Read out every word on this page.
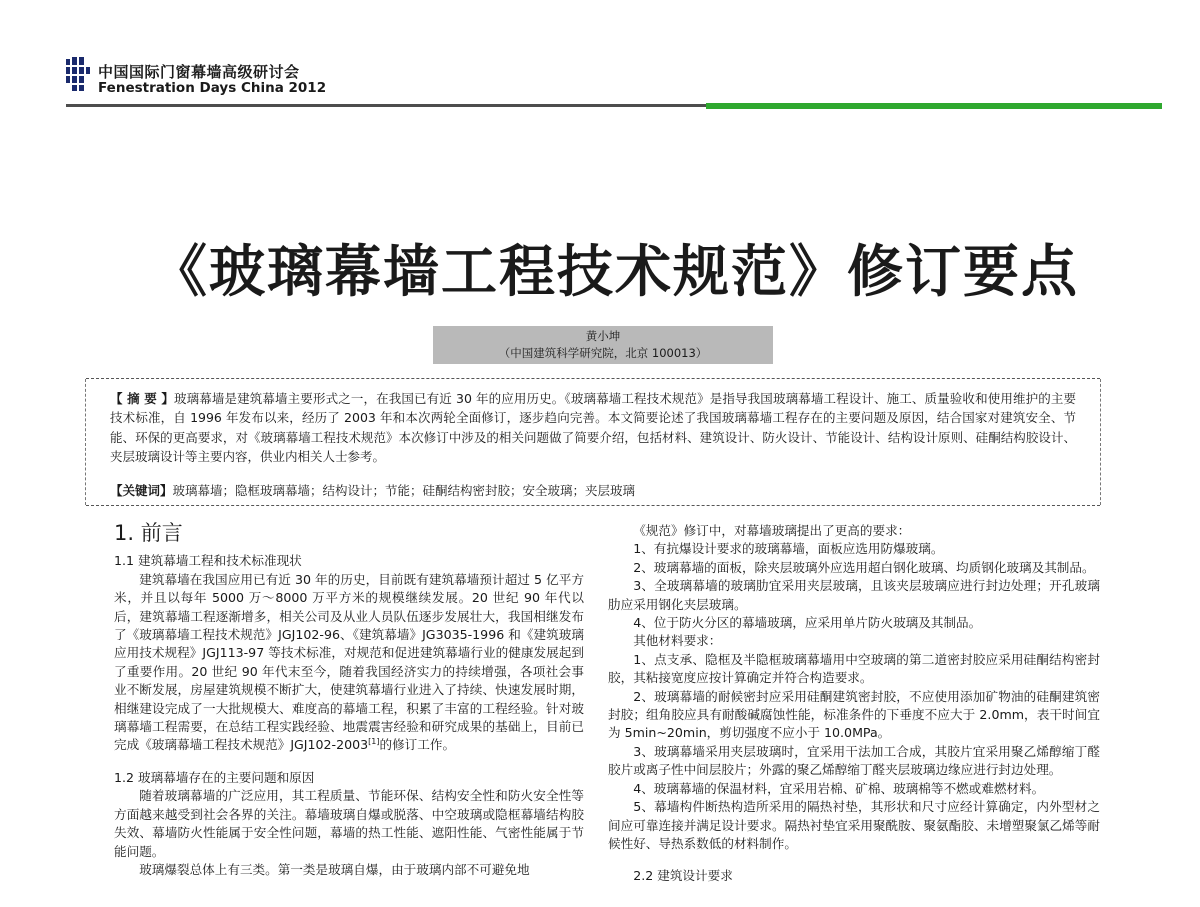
中国国际门窗幕墙高级研讨会
Fenestration Days China 2012
《玻璃幕墙工程技术规范》修订要点
黄小坤
（中国建筑科学研究院，北京 100013）
【 摘 要 】玻璃幕墙是建筑幕墙主要形式之一，在我国已有近 30 年的应用历史。《玻璃幕墙工程技术规范》是指导我国玻璃幕墙工程设计、施工、质量验收和使用维护的主要技术标准，自 1996 年发布以来，经历了 2003 年和本次两轮全面修订，逐步趋向完善。本文简要论述了我国玻璃幕墙工程存在的主要问题及原因，结合国家对建筑安全、节能、环保的更高要求，对《玻璃幕墙工程技术规范》本次修订中涉及的相关问题做了简要介绍，包括材料、建筑设计、防火设计、节能设计、结构设计原则、硅酮结构胶设计、夹层玻璃设计等主要内容，供业内相关人士参考。
【关键词】玻璃幕墙；隐框玻璃幕墙；结构设计；节能；硅酮结构密封胶；安全玻璃；夹层玻璃

1. 前言

1.1 建筑幕墙工程和技术标准现状

建筑幕墙在我国应用已有近 30 年的历史，目前既有建筑幕墙预计超过 5 亿平方米，并且以每年 5000 万～8000 万平方米的规模继续发展。20 世纪 90 年代以后，建筑幕墙工程逐渐增多，相关公司及从业人员队伍逐步发展壮大，我国相继发布了《玻璃幕墙工程技术规范》JGJ102-96、《建筑幕墙》JG3035-1996 和《建筑玻璃应用技术规程》JGJ113-97 等技术标准，对规范和促进建筑幕墙行业的健康发展起到了重要作用。20 世纪 90 年代末至今，随着我国经济实力的持续增强，各项社会事业不断发展，房屋建筑规模不断扩大，使建筑幕墙行业进入了持续、快速发展时期，相继建设完成了一大批规模大、难度高的幕墙工程，积累了丰富的工程经验。针对玻璃幕墙工程需要，在总结工程实践经验、地震震害经验和研究成果的基础上，目前已完成《玻璃幕墙工程技术规范》JGJ102-2003[1]的修订工作。

1.2 玻璃幕墙存在的主要问题和原因

随着玻璃幕墙的广泛应用，其工程质量、节能环保、结构安全性和防火安全性等方面越来越受到社会各界的关注。幕墙玻璃自爆或脱落、中空玻璃或隐框幕墙结构胶失效、幕墙防火性能属于安全性问题，幕墙的热工性能、遮阳性能、气密性能属于节能问题。

玻璃爆裂总体上有三类。第一类是玻璃自爆，由于玻璃内部不可避免地

《规范》修订中，对幕墙玻璃提出了更高的要求：

1、有抗爆设计要求的玻璃幕墙，面板应选用防爆玻璃。

2、玻璃幕墙的面板，除夹层玻璃外应选用超白钢化玻璃、均质钢化玻璃及其制品。

3、全玻璃幕墙的玻璃肋宜采用夹层玻璃，且该夹层玻璃应进行封边处理；开孔玻璃肋应采用钢化夹层玻璃。

4、位于防火分区的幕墙玻璃，应采用单片防火玻璃及其制品。

其他材料要求：

1、点支承、隐框及半隐框玻璃幕墙用中空玻璃的第二道密封胶应采用硅酮结构密封胶，其粘接宽度应按计算确定并符合构造要求。

2、玻璃幕墙的耐候密封应采用硅酮建筑密封胶，不应使用添加矿物油的硅酮建筑密封胶；组角胶应具有耐酸碱腐蚀性能，标准条件的下垂度不应大于 2.0mm，表干时间宜为 5min~20min，剪切强度不应小于 10.0MPa。

3、玻璃幕墙采用夹层玻璃时，宜采用干法加工合成，其胶片宜采用聚乙烯醇缩丁醛胶片或离子性中间层胶片；外露的聚乙烯醇缩丁醛夹层玻璃边缘应进行封边处理。

4、玻璃幕墙的保温材料，宜采用岩棉、矿棉、玻璃棉等不燃或难燃材料。

5、幕墙构件断热构造所采用的隔热衬垫，其形状和尺寸应经计算确定，内外型材之间应可靠连接并满足设计要求。隔热衬垫宜采用聚酰胺、聚氨酯胶、未增塑聚氯乙烯等耐候性好、导热系数低的材料制作。

2.2 建筑设计要求
